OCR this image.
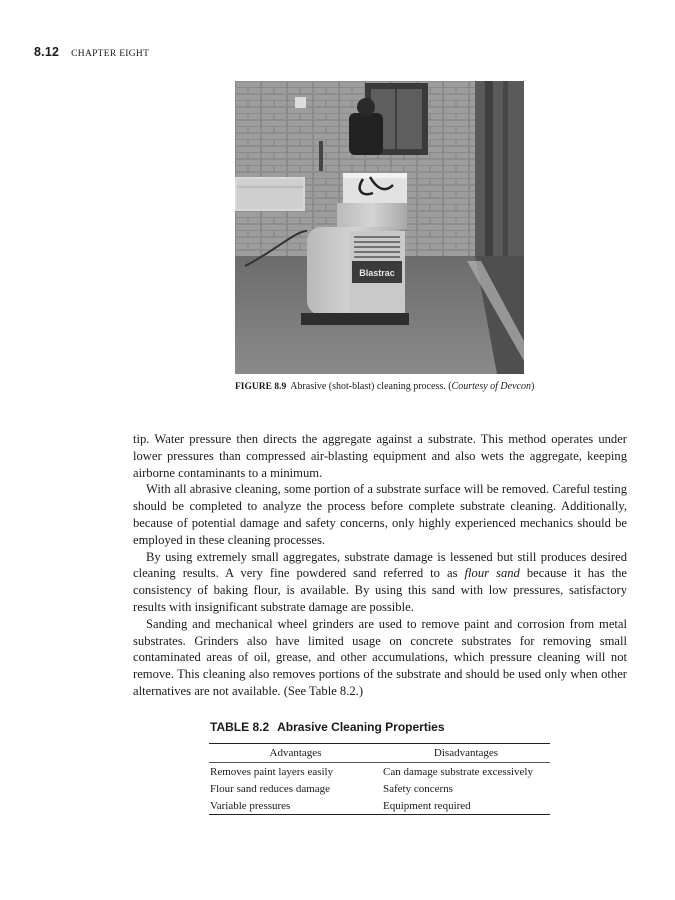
8.12 CHAPTER EIGHT
Blastrac
FIGURE 8.9 Abrasive (shot-blast) cleaning process. (Courtesy of Devcon)

tip. Water pressure then directs the aggregate against a substrate. This method operates under lower pressures than compressed air-blasting equipment and also wets the aggregate, keeping airborne contaminants to a minimum.

With all abrasive cleaning, some portion of a substrate surface will be removed. Careful testing should be completed to analyze the process before complete substrate cleaning. Additionally, because of potential damage and safety concerns, only highly experienced mechanics should be employed in these cleaning processes.

By using extremely small aggregates, substrate damage is lessened but still produces desired cleaning results. A very fine powdered sand referred to as flour sand because it has the consistency of baking flour, is available. By using this sand with low pressures, satisfactory results with insignificant substrate damage are possible.

Sanding and mechanical wheel grinders are used to remove paint and corrosion from metal substrates. Grinders also have limited usage on concrete substrates for removing small contaminated areas of oil, grease, and other accumulations, which pressure cleaning will not remove. This cleaning also removes portions of the substrate and should be used only when other alternatives are not available. (See Table 8.2.)

TABLE 8.2 Abrasive Cleaning Properties
Advantages	Disadvantages
Removes paint layers easily	Can damage substrate excessively
Flour sand reduces damage	Safety concerns
Variable pressures	Equipment required
